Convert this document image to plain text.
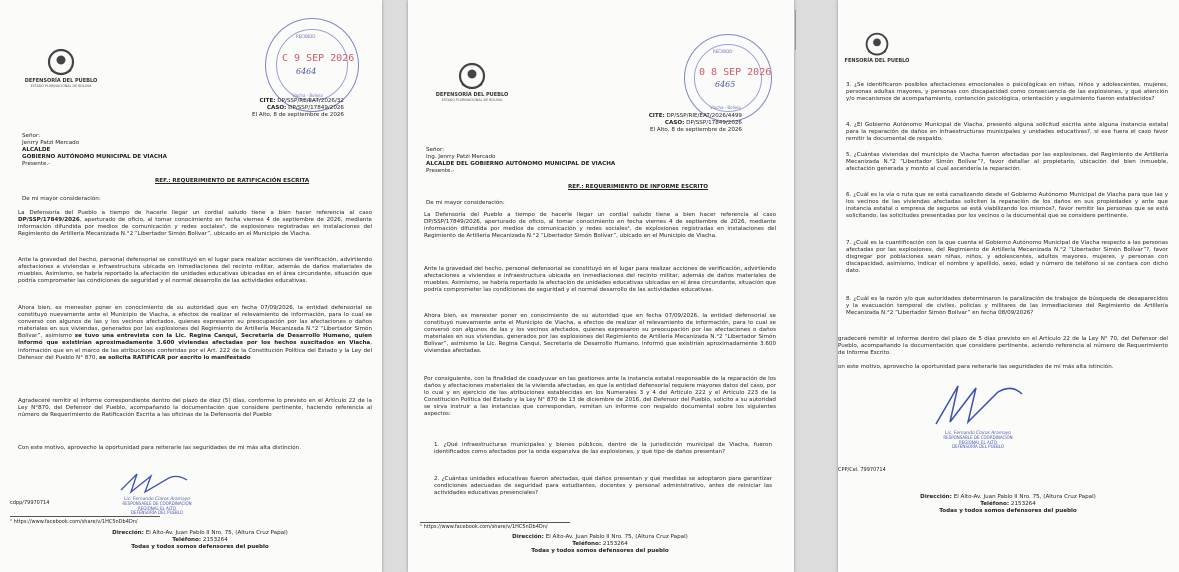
DEFENSORÍA DEL PUEBLO
ESTADO PLURINACIONAL DE BOLIVIA
RECIBIDO
C 9 SEP 2026
6464
Viacha - Bolivia
CITE: DP/SSP/RE/EAT/2026/32
CASO: DP/SSP/17849/2026
El Alto, 8 de septiembre de 2026
Señor:
Jenrry Patzi Mercado
ALCALDE
GOBIERNO AUTÓNOMO MUNICIPAL DE VIACHA
Presente.-
REF.: REQUERIMIENTO DE RATIFICACIÓN ESCRITA
De mi mayor consideración:
La Defensoría del Pueblo a tiempo de hacerle llegar un cordial saludo tiene a bien hacer referencia al caso DP/SSP/17849/2026, aperturado de oficio, al tomar conocimiento en fecha viernes 4 de septiembre de 2026, mediante información difundida por medios de comunicación y redes sociales¹, de explosiones registradas en instalaciones del Regimiento de Artillería Mecanizada N.°2 “Libertador Simón Bolívar”, ubicado en el Municipio de Viacha.
Ante la gravedad del hecho, personal defensorial se constituyó en el lugar para realizar acciones de verificación, advirtiendo afectaciones a viviendas e infraestructura ubicada en inmediaciones del recinto militar, además de daños materiales de muebles. Asimismo, se habría reportado la afectación de unidades educativas ubicadas en el área circundante, situación que podría comprometer las condiciones de seguridad y el normal desarrollo de las actividades educativas.
Ahora bien, es menester poner en conocimiento de su autoridad que en fecha 07/09/2026, la entidad defensorial se constituyó nuevamente ante el Municipio de Viacha, a efectos de realizar el relevamiento de información, para lo cual se conversó con algunos de las y los vecinos afectados, quienes expresaron su preocupación por las afectaciones o daños materiales en sus viviendas, generados por las explosiones del Regimiento de Artillería Mecanizada N.°2 “Libertador Simón Bolívar”, asimismo se tuvo una entrevista con la Lic. Regina Canqui, Secretaria de Desarrollo Humano, quien informó que existirían aproximadamente 3.600 viviendas afectadas por los hechos suscitados en Viacha, información que en el marco de las atribuciones conferidas por el Art. 222 de la Constitución Política del Estado y la Ley del Defensor del Pueblo N° 870, se solicita RATIFICAR por escrito lo manifestado
Agradeceré remitir el informe correspondiente dentro del plazo de diez (5) días, conforme lo previsto en el Artículo 22 de la Ley N°870, del Defensor del Pueblo, acompañando la documentación que considere pertinente, haciendo referencia al número de Requerimiento de Ratificación Escrita a las oficinas de la Defensoría del Pueblo
Con este motivo, aprovecho la oportunidad para reiterarle las seguridades de mi más alta distinción.
Lic. Fernando Claros Aramayo
RESPONSABLE DE COORDINACIÓN
REGIONAL EL ALTO
DEFENSORÍA DEL PUEBLO
cdpp/79970714
¹ https://www.facebook.com/share/v/1HC5nDb4Dn/
Dirección: El Alto-Av. Juan Pablo II Nro. 75, (Altura Cruz Papal)
Teléfono: 2153264
Todas y todos somos defensores del pueblo
DEFENSORÍA DEL PUEBLO
ESTADO PLURINACIONAL DE BOLIVIA
RECIBIDO
0 8 SEP 2026
6465
Viacha - Bolivia
CITE: DP/SSP/RIE/EAT/2026/4499
CASO: DP/SSP/17849/2026
El Alto, 8 de septiembre de 2026
Señor:
Ing. Jenrry Patzi Mercado
ALCALDE DEL GOBIERNO AUTÓNOMO MUNICIPAL DE VIACHA
Presente.-
REF.: REQUERIMIENTO DE INFORME ESCRITO
De mi mayor consideración:
La Defensoría del Pueblo a tiempo de hacerle llegar un cordial saludo tiene a bien hacer referencia al caso DP/SSP/17849/2026, aperturado de oficio, al tomar conocimiento en fecha viernes 4 de septiembre de 2026, mediante información difundida por medios de comunicación y redes sociales¹, de explosiones registradas en instalaciones del Regimiento de Artillería Mecanizada N.°2 “Libertador Simón Bolívar”, ubicado en el Municipio de Viacha.
Ante la gravedad del hecho, personal defensorial se constituyó en el lugar para realizar acciones de verificación, advirtiendo afectaciones a viviendas e infraestructura ubicada en inmediaciones del recinto militar, además de daños materiales de muebles. Asimismo, se habría reportado la afectación de unidades educativas ubicadas en el área circundante, situación que podría comprometer las condiciones de seguridad y el normal desarrollo de las actividades educativas.
Ahora bien, es menester poner en conocimiento de su autoridad que en fecha 07/09/2026, la entidad defensorial se constituyó nuevamente ante el Municipio de Viacha, a efectos de realizar el relevamiento de información, para lo cual se conversó con algunos de las y los vecinos afectados, quienes expresaron su preocupación por las afectaciones o daños materiales en sus viviendas, generados por las explosiones del Regimiento de Artillería Mecanizada N.°2 “Libertador Simón Bolívar”, asimismo la Lic. Regina Canqui, Secretaria de Desarrollo Humano, informó que existirían aproximadamente 3.600 viviendas afectadas.
Por consiguiente, con la finalidad de coadyuvar en las gestiones ante la instancia estatal responsable de la reparación de los daños y afectaciones materiales de la vivienda afectadas, es que la entidad defensorial requiere mayores datos del caso, por lo cual y en ejercicio de las atribuciones establecidas en los Numerales 3 y 4 del Artículo 222 y el Artículo 223 de la Constitución Política del Estado y la Ley N° 870 de 13 de diciembre de 2016, del Defensor del Pueblo, solicito a su autoridad se sirva instruir a las instancias que correspondan, remitan un informe con respaldo documental sobre los siguientes aspectos:
1. ¿Qué infraestructuras municipales y bienes públicos, dentro de la jurisdicción municipal de Viacha, fueron identificados como afectados por la onda expansiva de las explosiones, y qué tipo de daños presentan?
2. ¿Cuántas unidades educativas fueron afectadas, qué daños presentan y qué medidas se adoptaron para garantizar condiciones adecuadas de seguridad para estudiantes, docentes y personal administrativo, antes de reiniciar las actividades educativas presenciales?
¹ https://www.facebook.com/share/v/1HC5nDb4Dn/
Dirección: El Alto-Av. Juan Pablo II Nro. 75, (Altura Cruz Papal)
Teléfono: 2153264
Todas y todos somos defensores del pueblo
FENSORÍA DEL PUEBLO
3. ¿Se identificaron posibles afectaciones emocionales o psicológicas en niñas, niños y adolescentes, mujeres, personas adultas mayores, y personas con discapacidad como consecuencia de las explosiones, y qué atención y/o mecanismos de acompañamiento, contención psicológica, orientación y seguimiento fueron establecidos?
4. ¿El Gobierno Autónomo Municipal de Viacha, presentó alguna solicitud escrita ante alguna instancia estatal para la reparación de daños en infraestructuras municipales y unidades educativas?, si ese fuera el caso favor remitir la documental de respaldo.
5. ¿Cuántas viviendas del municipio de Viacha fueron afectadas por las explosiones, del Regimiento de Artillería Mecanizada N.°2 “Libertador Simón Bolívar”?, favor detallar al propietario, ubicación del bien inmueble, afectación generada y monto al cual ascendería la reparación.
6. ¿Cuál es la vía o ruta que se está canalizando desde el Gobierno Autónomo Municipal de Viacha para que las y los vecinos de las viviendas afectadas soliciten la reparación de los daños en sus propiedades y ante que instancia estatal o empresa de seguros se está viabilizando los mismos?, favor remitir las personas que se está solicitando, las solicitudes presentadas por los vecinos o la documental que se considere pertinente.
7. ¿Cuál es la cuantificación con la que cuenta el Gobierno Autónomo Municipal de Viacha respecto a las personas afectadas por las explosiones, del Regimiento de Artillería Mecanizada N.°2 “Libertador Simón Bolívar”?, favor disgregar por poblaciones sean niñas, niños, y adolescentes, adultos mayores, mujeres, y personas con discapacidad, asimismo, indicar el nombre y apellido, sexo, edad y número de teléfono si se contara con dicho dato.
8. ¿Cuál es la razón y/o que autoridades determinaron la paralización de trabajos de búsqueda de desaparecidos y la evacuación temporal de civiles, policías y militares de las inmediaciones del Regimiento de Artillería Mecanizada N.°2 “Libertador Simón Bolívar” en fecha 08/09/2026?
gradeceré remitir el informe dentro del plazo de 5 días previsto en el Artículo 22 de la Ley N° 70, del Defensor del Pueblo, acompañando la documentación que considere pertinente, aciendo referencia al número de Requerimiento de Informe Escrito.
on este motivo, aprovecho la oportunidad para reiterarle las seguridades de mi más alta istinción.
Lic. Fernando Claros Aramayo
RESPONSABLE DE COORDINACIÓN
REGIONAL EL ALTO
DEFENSORÍA DEL PUEBLO
CPP/Cel. 79970714
Dirección: El Alto-Av. Juan Pablo II Nro. 75, (Altura Cruz Papal)
Teléfono: 2153264
Todas y todos somos defensores del pueblo
